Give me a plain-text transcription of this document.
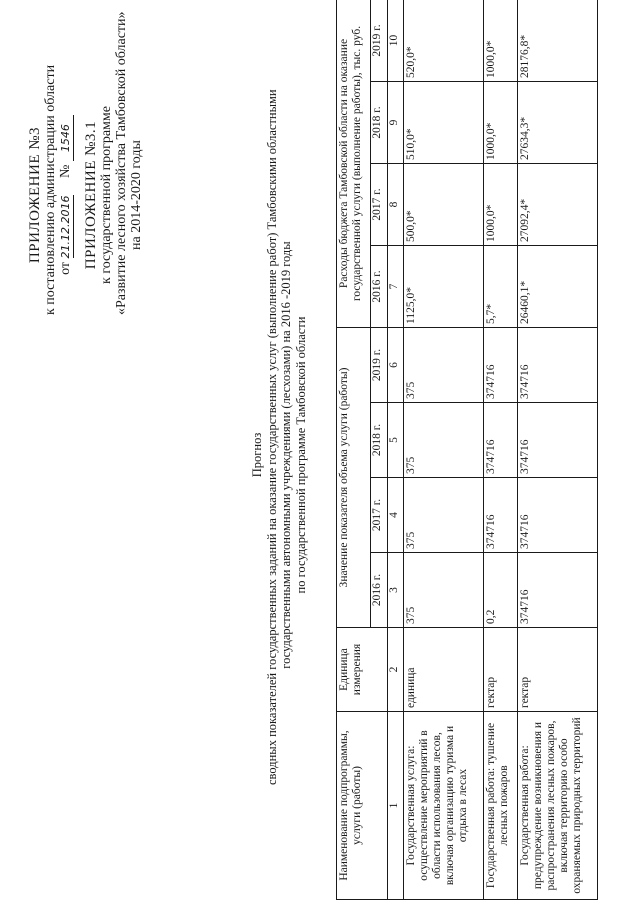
ПРИЛОЖЕНИЕ №3 к постановлению администрации области от 21.12.2016     № 1546 ПРИЛОЖЕНИЕ №3.1 к государственной программе «Развитие лесного хозяйства Тамбовской области» на 2014-2020 годы
Прогноз сводных показателей государственных заданий на оказание государственных услуг (выполнение работ) Тамбовскими областными государственными автономными учреждениями (лесхозами) на 2016 -2019 годы по государственной программе Тамбовской области
Наименование подпрограммы, услуги (работы)	Единица измерения	Значение показателя объема услуги (работы)				Расходы бюджета Тамбовской области на оказание государственной услуги (выполнение работы), тыс. руб.			
		2016 г.	2017 г.	2018 г.	2019 г.	2016 г.	2017 г.	2018 г.	2019 г.
1	2	3	4	5	6	7	8	9	10
Государственная услуга: осуществление мероприятий в области использования лесов, включая организацию туризма и отдыха в лесах	единица	375	375	375	375	1125,0*	500,0*	510,0*	520,0*
Государственная работа: тушение лесных пожаров	гектар	0,2	374716	374716	374716	5,7*	1000,0*	1000,0*	1000,0*
Государственная работа: предупреждение возникновения и распространения лесных пожаров, включая территорию особо охраняемых природных территорий	гектар	374716	374716	374716	374716	26460,1*	27092,4*	27634,3*	28176,8*
